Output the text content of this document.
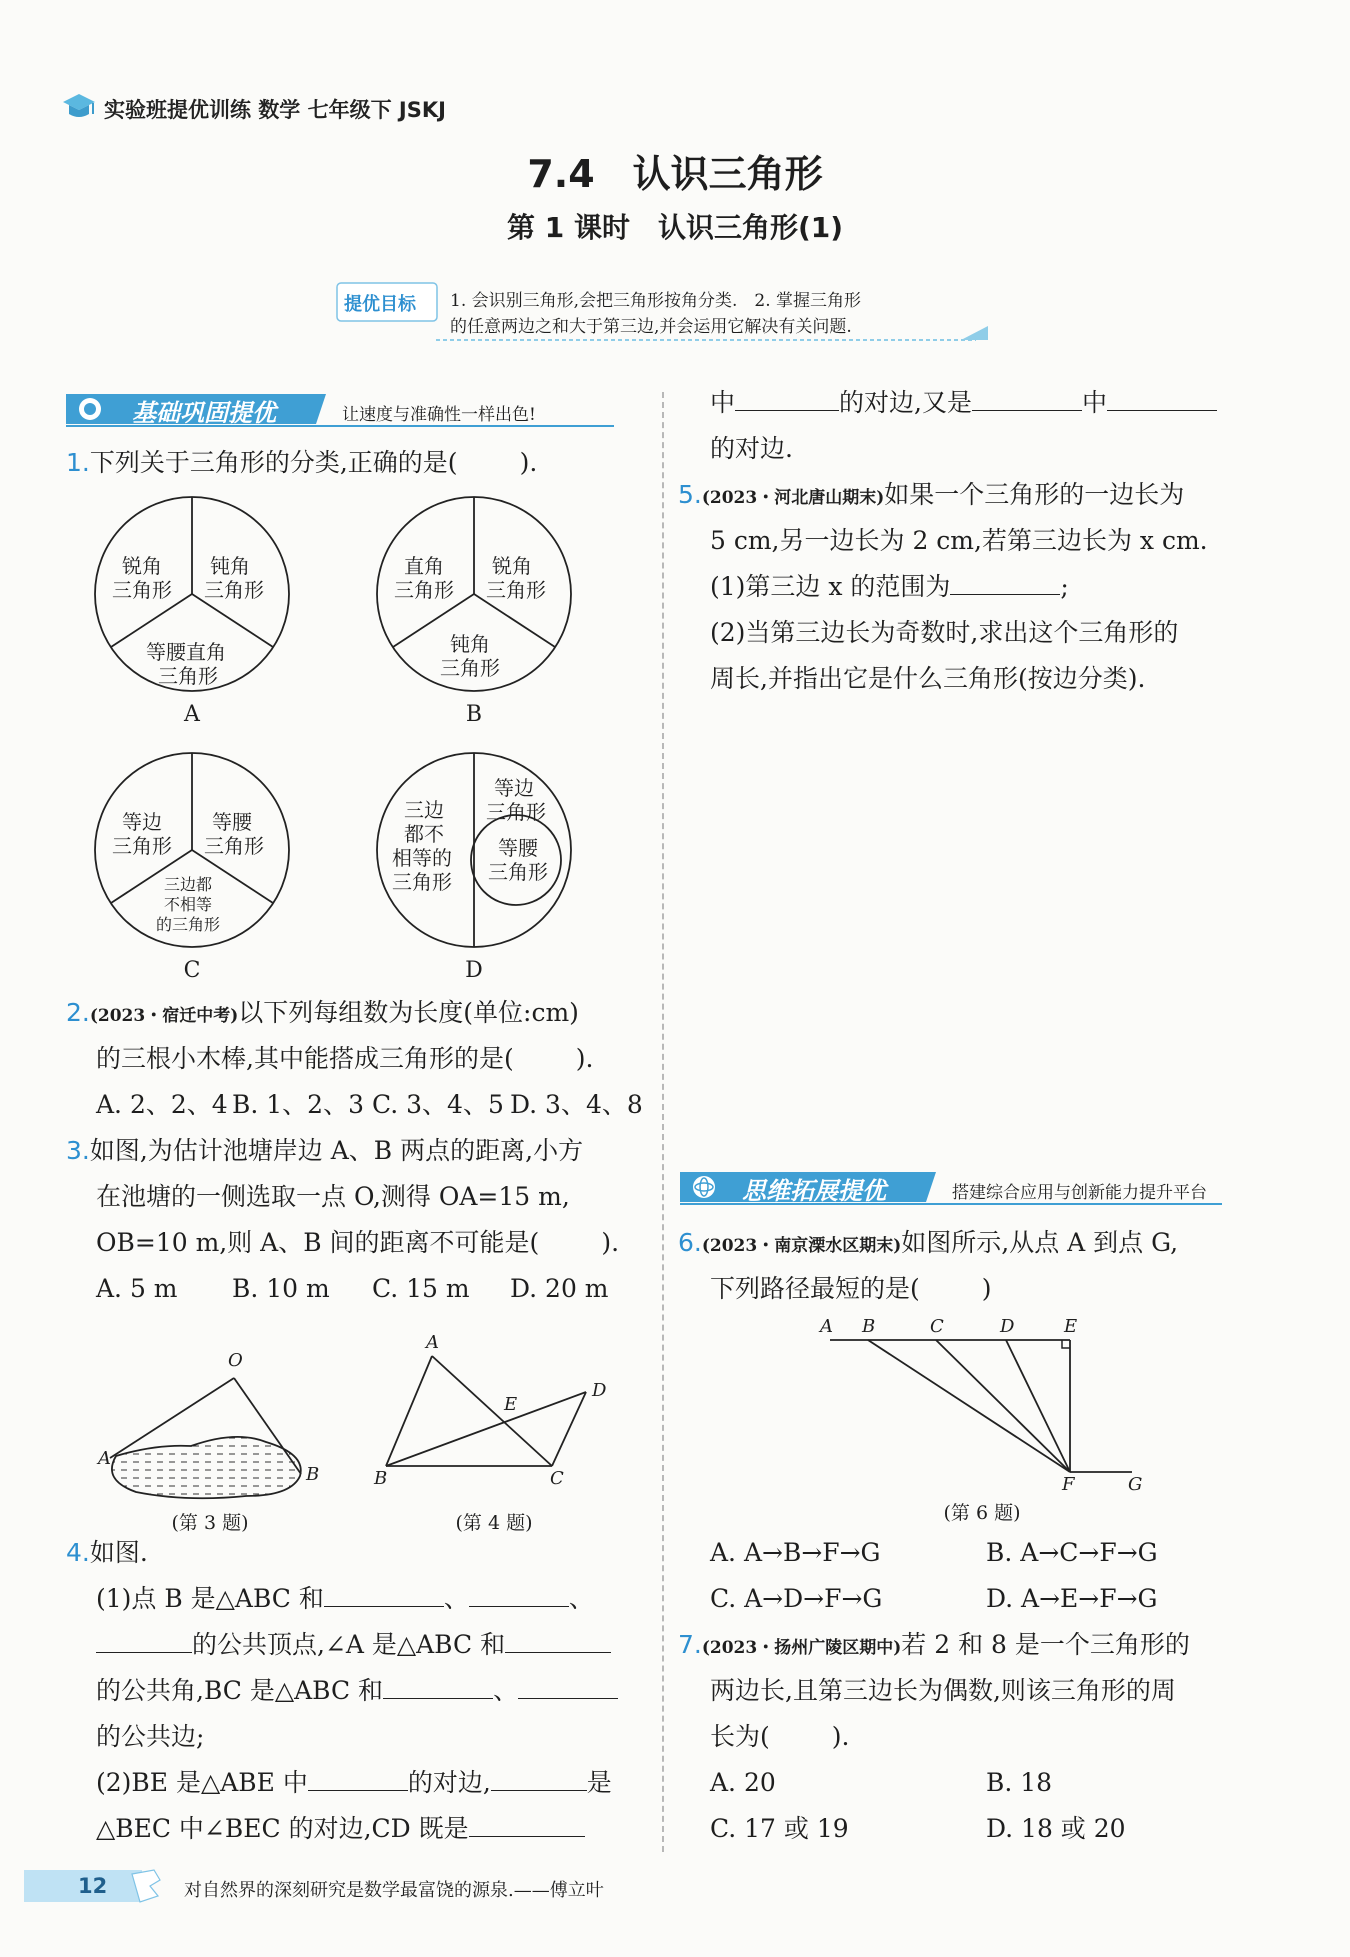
实验班提优训练 数学 七年级下 JSKJ
7.4　认识三角形
第 1 课时　认识三角形(1)
提优目标 1. 会识别三角形,会把三角形按角分类.　2. 掌握三角形
的任意两边之和大于第三边,并会运用它解决有关问题.
基础巩固提优	让速度与准确性一样出色!
1.下列关于三角形的分类,正确的是( ).
锐角
三角形
钝角
三角形
等腰直角
三角形
A
直角
三角形
锐角
三角形
钝角
三角形
B
等边
三角形
等腰
三角形
三边都
不相等
的三角形
C
三边
都不
相等的
三角形
等边
三角形
等腰
三角形
D
2.(2023・宿迁中考)以下列每组数为长度(单位:cm)
的三根小木棒,其中能搭成三角形的是( ).
A. 2、2、4 B. 1、2、3 C. 3、4、5 D. 3、4、8
3.如图,为估计池塘岸边 A、B 两点的距离,小方
在池塘的一侧选取一点 O,测得 OA=15 m,
OB=10 m,则 A、B 间的距离不可能是( ).
A. 5 m B. 10 m C. 15 m D. 20 m
O
A
B
(第 3 题)
A
B	C
D
E
(第 4 题)
4.如图.
(1)点 B 是△ABC 和	、	、
的公共顶点,∠A 是△ABC 和
的公共角,BC 是△ABC 和	、
的公共边;
(2)BE 是△ABE 中	的对边,	是
△BEC 中∠BEC 的对边,CD 既是
中	的对边,又是	中
的对边.
5.(2023・河北唐山期末)如果一个三角形的一边长为
5 cm,另一边长为 2 cm,若第三边长为 x cm.
(1)第三边 x 的范围为	;
(2)当第三边长为奇数时,求出这个三角形的
周长,并指出它是什么三角形(按边分类).
思维拓展提优	搭建综合应用与创新能力提升平台
6.(2023・南京溧水区期末)如图所示,从点 A 到点 G,
下列路径最短的是( )
A B	C	D	E
F	G
(第 6 题)
A. A→B→F→G	B. A→C→F→G
C. A→D→F→G	D. A→E→F→G
7.(2023・扬州广陵区期中)若 2 和 8 是一个三角形的
两边长,且第三边长为偶数,则该三角形的周
长为( ).
A. 20	B. 18
C. 17 或 19	D. 18 或 20
12	对自然界的深刻研究是数学最富饶的源泉.——傅立叶
